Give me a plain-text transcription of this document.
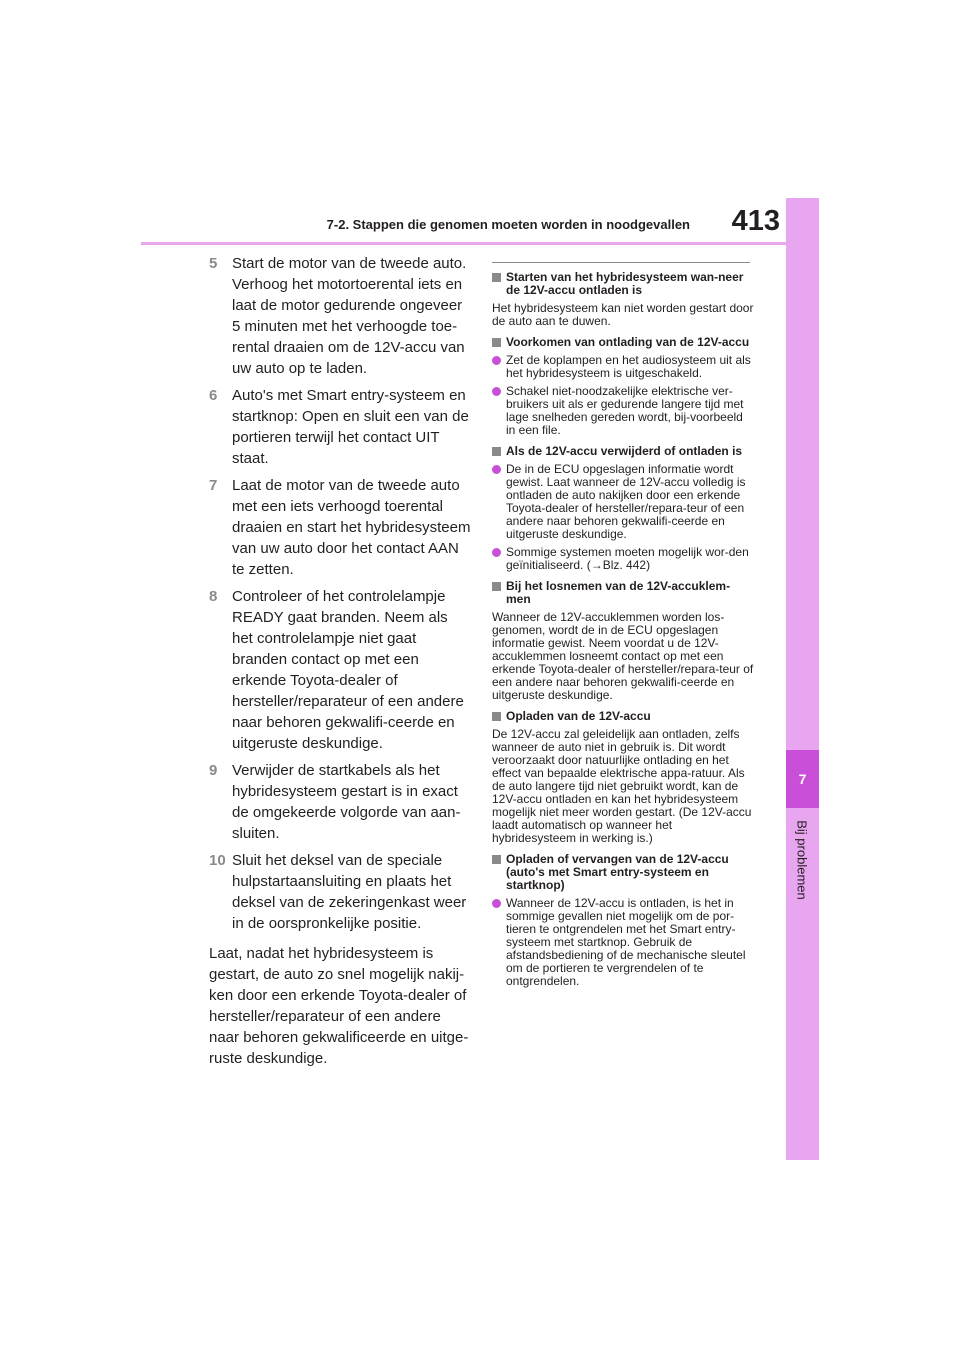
7-2. Stappen die genomen moeten worden in noodgevallen	413
7
Bij problemen
5 Start de motor van de tweede auto. Verhoog het motortoerental iets en laat de motor gedurende ongeveer 5 minuten met het verhoogde toe-rental draaien om de 12V-accu van uw auto op te laden.
6 Auto's met Smart entry-systeem en startknop: Open en sluit een van de portieren terwijl het contact UIT staat.
7 Laat de motor van de tweede auto met een iets verhoogd toerental draaien en start het hybridesysteem van uw auto door het contact AAN te zetten.
8 Controleer of het controlelampje READY gaat branden. Neem als het controlelampje niet gaat branden contact op met een erkende Toyota-dealer of hersteller/reparateur of een andere naar behoren gekwalifi-ceerde en uitgeruste deskundige.
9 Verwijder de startkabels als het hybridesysteem gestart is in exact de omgekeerde volgorde van aan-sluiten.
10 Sluit het deksel van de speciale hulpstartaansluiting en plaats het deksel van de zekeringenkast weer in de oorspronkelijke positie.
Laat, nadat het hybridesysteem is gestart, de auto zo snel mogelijk nakij-ken door een erkende Toyota-dealer of hersteller/reparateur of een andere naar behoren gekwalificeerde en uitge-ruste deskundige.
Starten van het hybridesysteem wan-neer de 12V-accu ontladen is
Het hybridesysteem kan niet worden gestart door de auto aan te duwen.
Voorkomen van ontlading van de 12V-accu
Zet de koplampen en het audiosysteem uit als het hybridesysteem is uitgeschakeld.
Schakel niet-noodzakelijke elektrische ver-bruikers uit als er gedurende langere tijd met lage snelheden gereden wordt, bij-voorbeeld in een file.
Als de 12V-accu verwijderd of ontladen is
De in de ECU opgeslagen informatie wordt gewist. Laat wanneer de 12V-accu volledig is ontladen de auto nakijken door een erkende Toyota-dealer of hersteller/repara-teur of een andere naar behoren gekwalifi-ceerde en uitgeruste deskundige.
Sommige systemen moeten mogelijk wor-den geïnitialiseerd. (→Blz. 442)
Bij het losnemen van de 12V-accuklem-men
Wanneer de 12V-accuklemmen worden los-genomen, wordt de in de ECU opgeslagen informatie gewist. Neem voordat u de 12V-accuklemmen losneemt contact op met een erkende Toyota-dealer of hersteller/repara-teur of een andere naar behoren gekwalifi-ceerde en uitgeruste deskundige.
Opladen van de 12V-accu
De 12V-accu zal geleidelijk aan ontladen, zelfs wanneer de auto niet in gebruik is. Dit wordt veroorzaakt door natuurlijke ontlading en het effect van bepaalde elektrische appa-ratuur. Als de auto langere tijd niet gebruikt wordt, kan de 12V-accu ontladen en kan het hybridesysteem mogelijk niet meer worden gestart. (De 12V-accu laadt automatisch op wanneer het hybridesysteem in werking is.)
Opladen of vervangen van de 12V-accu (auto's met Smart entry-systeem en startknop)
Wanneer de 12V-accu is ontladen, is het in sommige gevallen niet mogelijk om de por-tieren te ontgrendelen met het Smart entry-systeem met startknop. Gebruik de afstandsbediening of de mechanische sleutel om de portieren te vergrendelen of te ontgrendelen.
